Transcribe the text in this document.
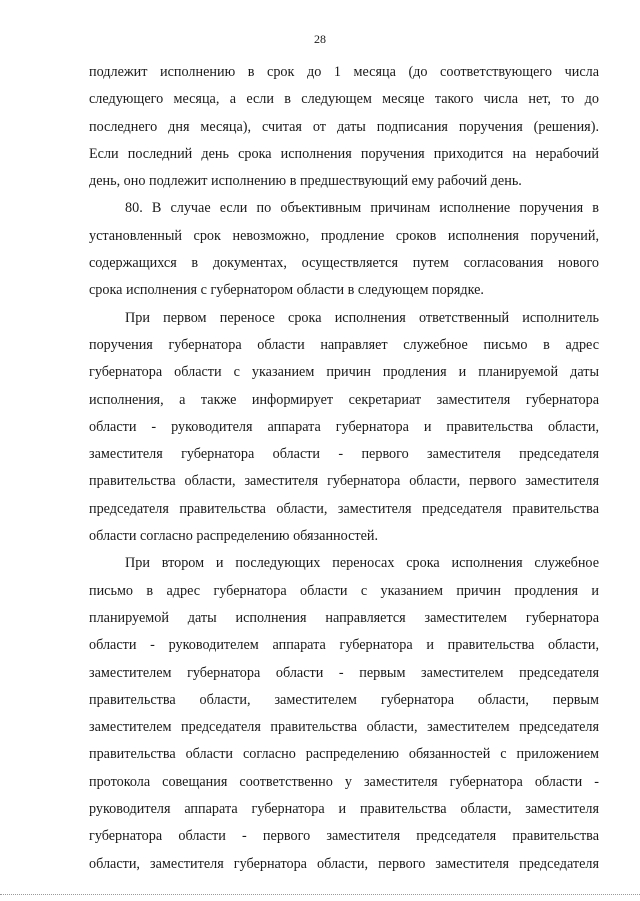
28
подлежит исполнению в срок до 1 месяца (до соответствующего числа
следующего месяца, а если в следующем месяце такого числа нет, то до
последнего дня месяца), считая от даты подписания поручения (решения).
Если последний день срока исполнения поручения приходится на нерабочий
день, оно подлежит исполнению в предшествующий ему рабочий день.
80. В случае если по объективным причинам исполнение поручения в
установленный срок невозможно, продление сроков исполнения поручений,
содержащихся в документах, осуществляется путем согласования нового
срока исполнения с губернатором области в следующем порядке.
При первом переносе срока исполнения ответственный исполнитель
поручения губернатора области направляет служебное письмо в адрес
губернатора области с указанием причин продления и планируемой даты
исполнения, а также информирует секретариат заместителя губернатора
области - руководителя аппарата губернатора и правительства области,
заместителя губернатора области - первого заместителя председателя
правительства области, заместителя губернатора области, первого заместителя
председателя правительства области, заместителя председателя правительства
области согласно распределению обязанностей.
При втором и последующих переносах срока исполнения служебное
письмо в адрес губернатора области с указанием причин продления и
планируемой даты исполнения направляется заместителем губернатора
области - руководителем аппарата губернатора и правительства области,
заместителем губернатора области - первым заместителем председателя
правительства области, заместителем губернатора области, первым
заместителем председателя правительства области, заместителем председателя
правительства области согласно распределению обязанностей с приложением
протокола совещания соответственно у заместителя губернатора области -
руководителя аппарата губернатора и правительства области, заместителя
губернатора области - первого заместителя председателя правительства
области, заместителя губернатора области, первого заместителя председателя
